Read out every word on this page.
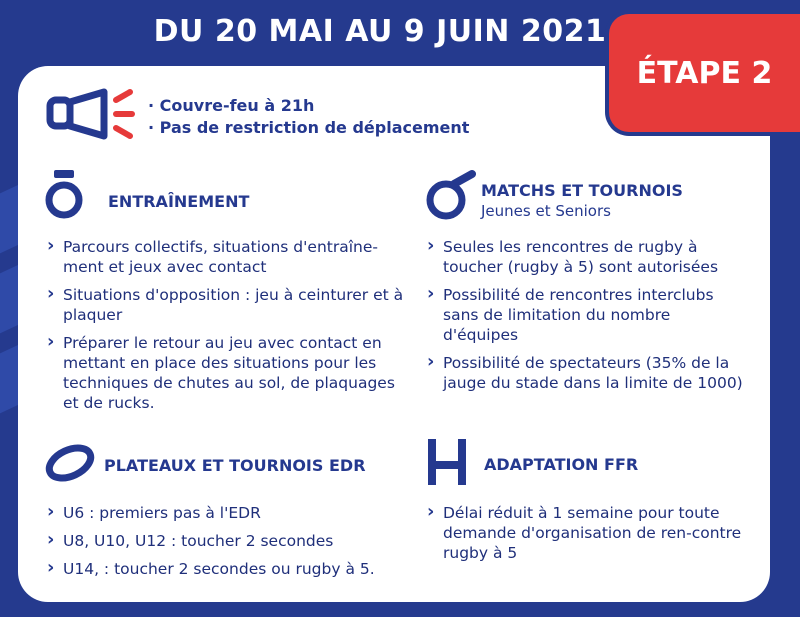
DU 20 MAI AU 9 JUIN 2021
ÉTAPE 2
· Couvre-feu à 21h
· Pas de restriction de déplacement
ENTRAÎNEMENT
› Parcours collectifs, situations d'entraîne-ment et jeux avec contact
› Situations d'opposition : jeu à ceinturer et à plaquer
› Préparer le retour au jeu avec contact en mettant en place des situations pour les techniques de chutes au sol, de plaquages et de rucks.
MATCHS ET TOURNOIS
Jeunes et Seniors
› Seules les rencontres de rugby à toucher (rugby à 5) sont autorisées
› Possibilité de rencontres interclubs sans de limitation du nombre d'équipes
› Possibilité de spectateurs (35% de la jauge du stade dans la limite de 1000)
PLATEAUX ET TOURNOIS EDR
› U6 : premiers pas à l'EDR
› U8, U10, U12 : toucher 2 secondes
› U14, : toucher 2 secondes ou rugby à 5.
ADAPTATION FFR
› Délai réduit à 1 semaine pour toute demande d'organisation de ren-contre rugby à 5
